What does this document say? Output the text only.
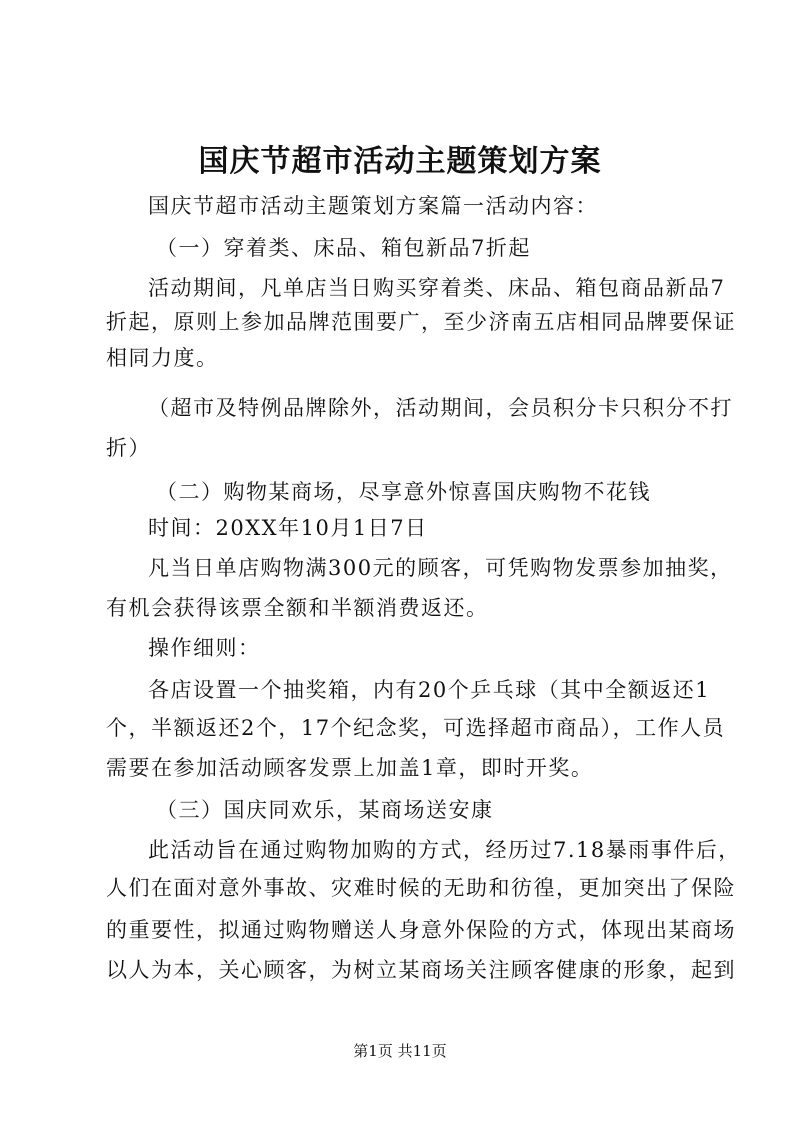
国庆节超市活动主题策划方案
国庆节超市活动主题策划方案篇一活动内容：
（一）穿着类、床品、箱包新品7折起
活动期间，凡单店当日购买穿着类、床品、箱包商品新品7
折起，原则上参加品牌范围要广，至少济南五店相同品牌要保证
相同力度。
（超市及特例品牌除外，活动期间，会员积分卡只积分不打
折）
（二）购物某商场，尽享意外惊喜国庆购物不花钱
时间：20XX年10月1日7日
凡当日单店购物满300元的顾客，可凭购物发票参加抽奖，
有机会获得该票全额和半额消费返还。
操作细则：
各店设置一个抽奖箱，内有20个乒乓球（其中全额返还1
个，半额返还2个，17个纪念奖，可选择超市商品），工作人员
需要在参加活动顾客发票上加盖1章，即时开奖。
（三）国庆同欢乐，某商场送安康
此活动旨在通过购物加购的方式，经历过7.18暴雨事件后，
人们在面对意外事故、灾难时候的无助和彷徨，更加突出了保险
的重要性，拟通过购物赠送人身意外保险的方式，体现出某商场
以人为本，关心顾客，为树立某商场关注顾客健康的形象，起到
第1页 共11页
